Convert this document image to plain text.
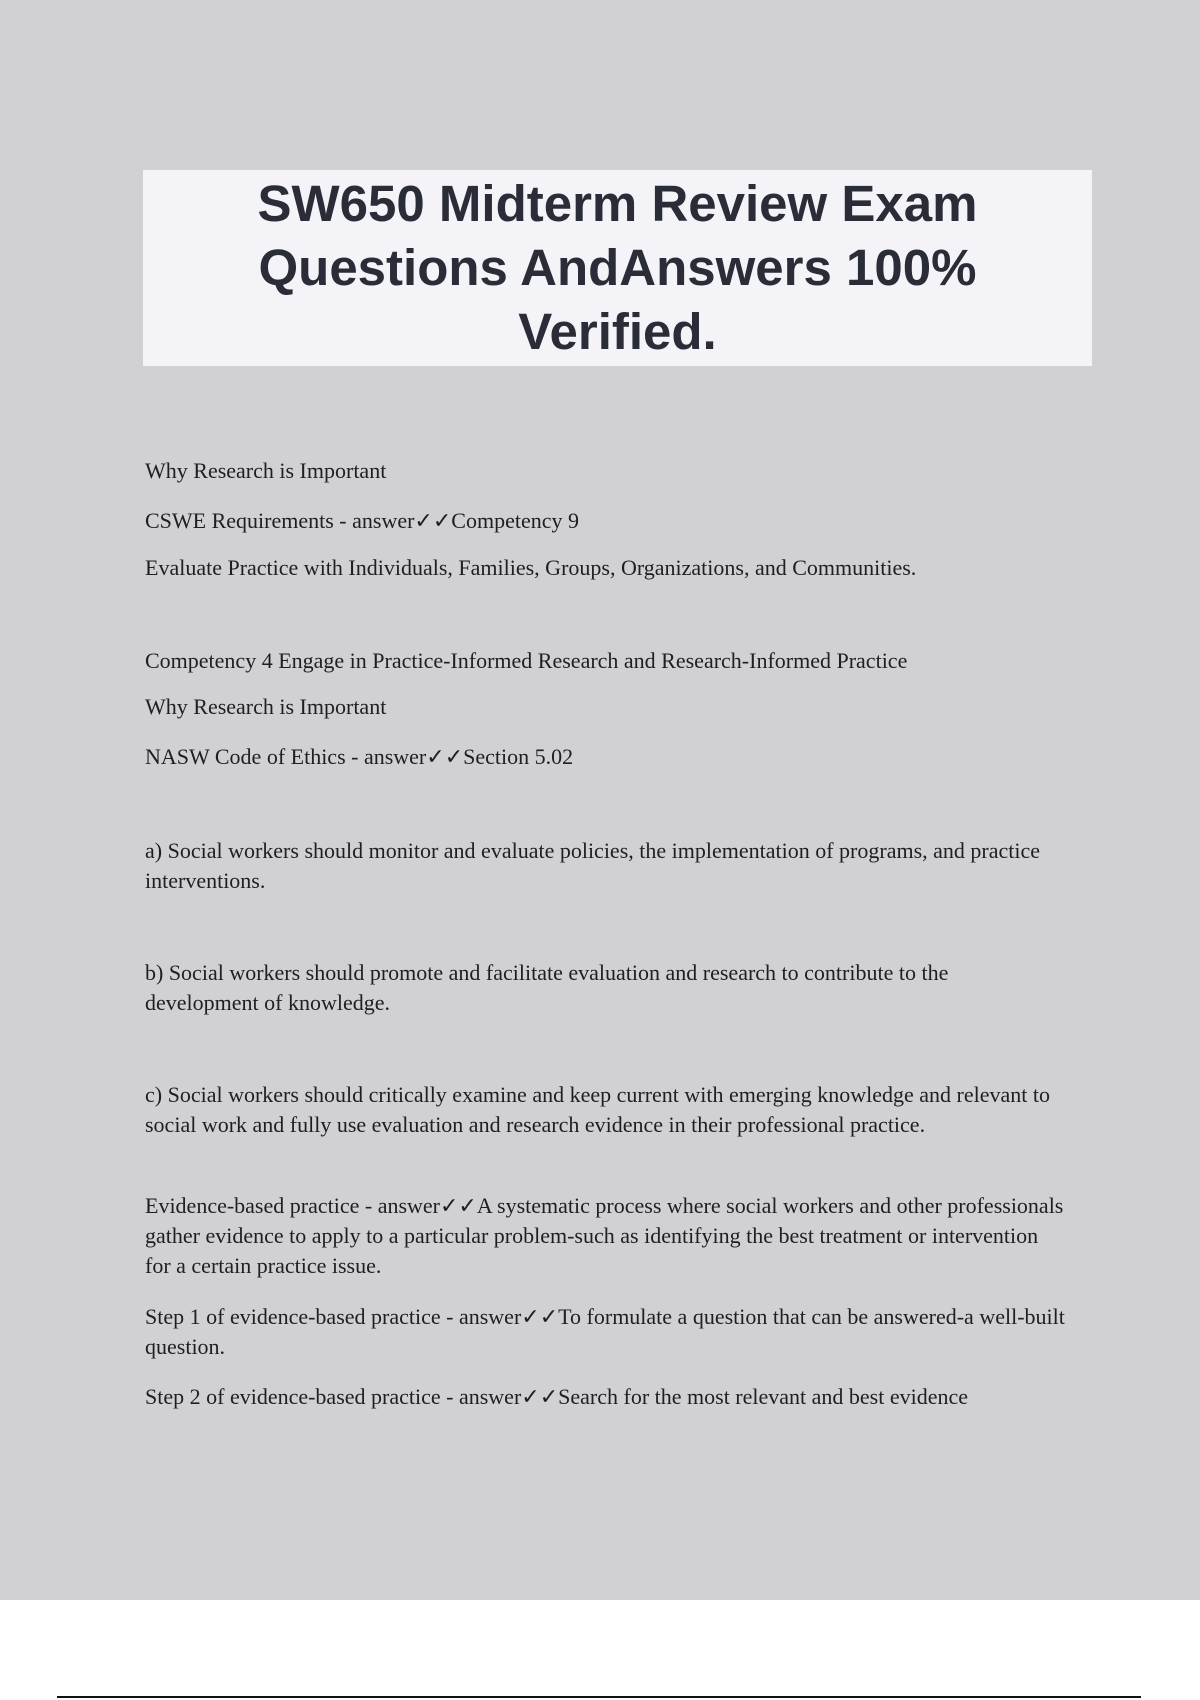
SW650 Midterm Review Exam Questions AndAnswers 100% Verified.

Why Research is Important

CSWE Requirements - answer✓✓Competency 9

Evaluate Practice with Individuals, Families, Groups, Organizations, and Communities.

Competency 4 Engage in Practice-Informed Research and Research-Informed Practice

Why Research is Important

NASW Code of Ethics - answer✓✓Section 5.02

a) Social workers should monitor and evaluate policies, the implementation of programs, and practice interventions.

b) Social workers should promote and facilitate evaluation and research to contribute to the development of knowledge.

c) Social workers should critically examine and keep current with emerging knowledge and relevant to social work and fully use evaluation and research evidence in their professional practice.

Evidence-based practice - answer✓✓A systematic process where social workers and other professionals gather evidence to apply to a particular problem-such as identifying the best treatment or intervention for a certain practice issue.

Step 1 of evidence-based practice - answer✓✓To formulate a question that can be answered-a well-built question.

Step 2 of evidence-based practice - answer✓✓Search for the most relevant and best evidence
